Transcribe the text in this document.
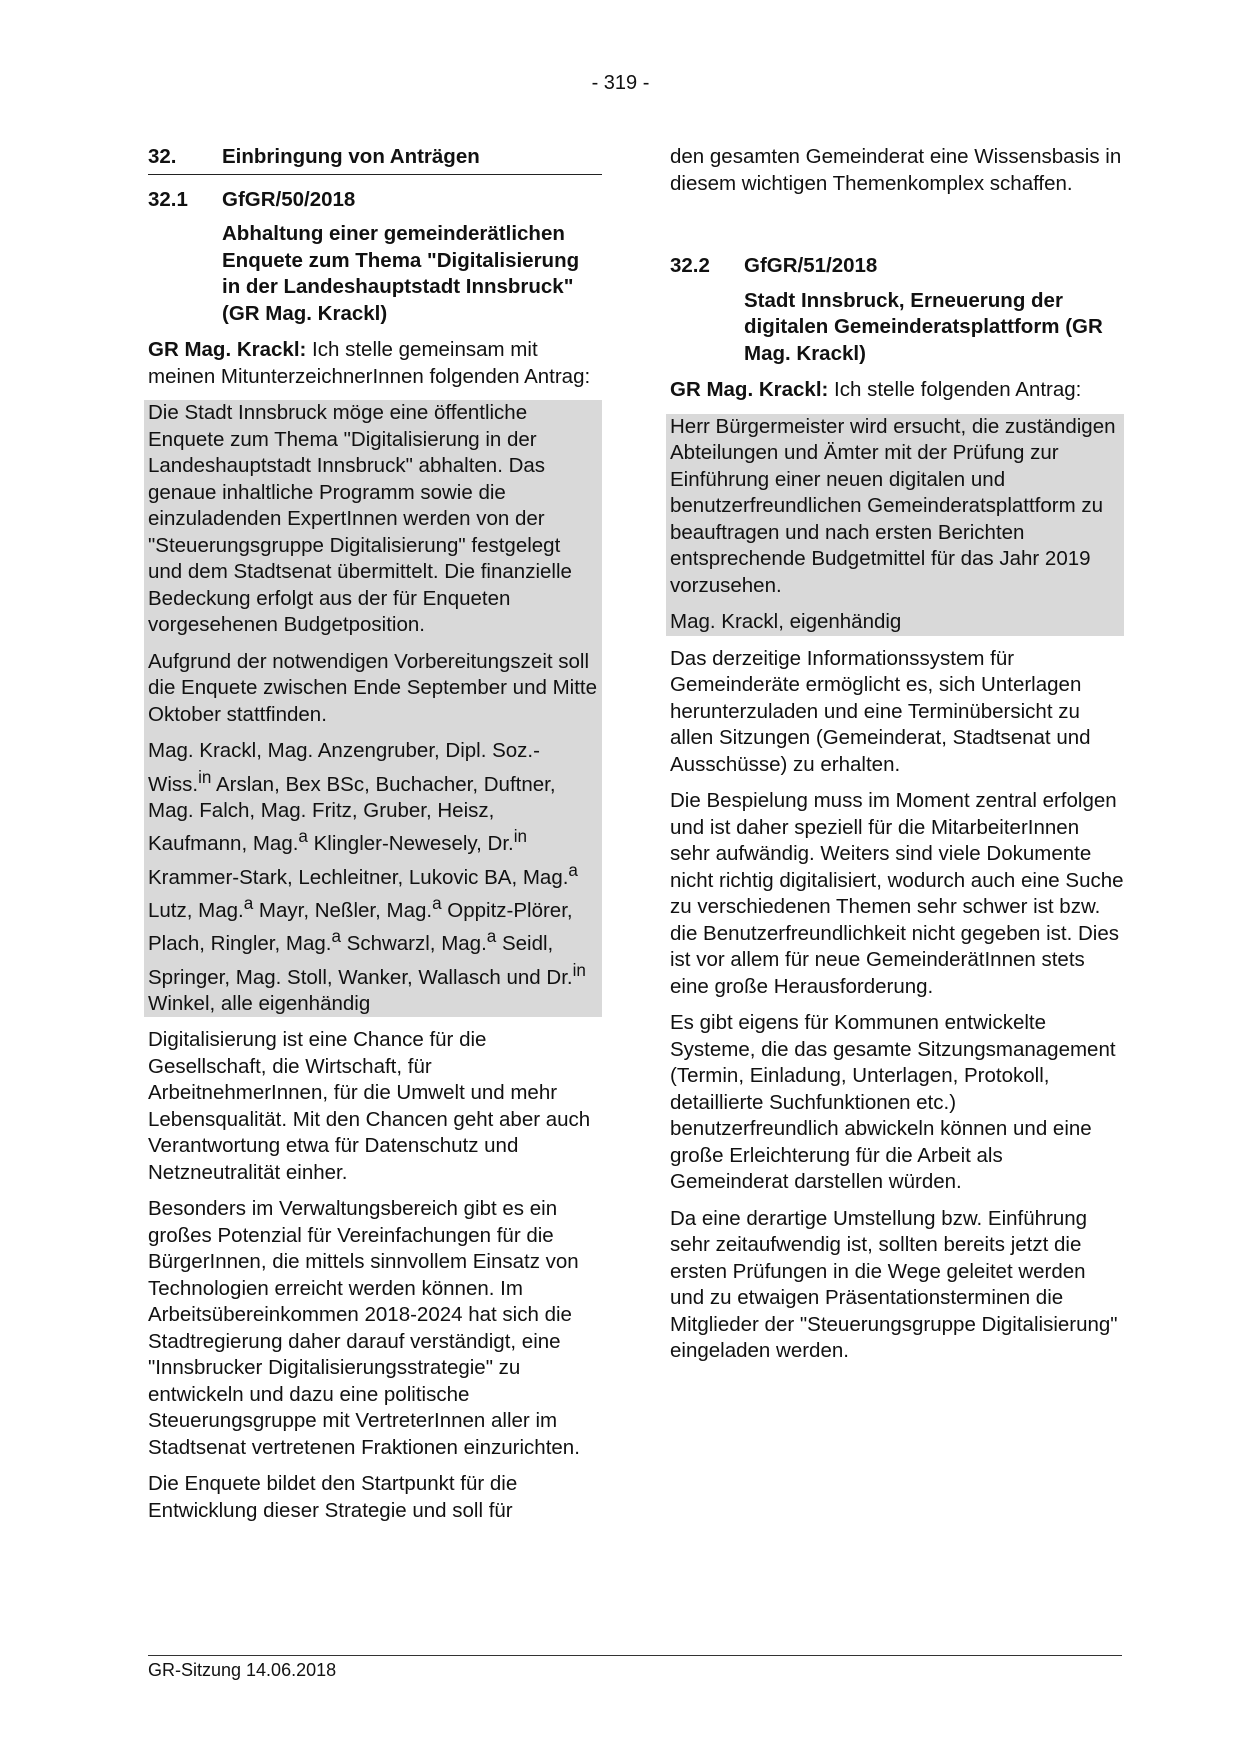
- 319 -
32.	Einbringung von Anträgen
32.1	GfGR/50/2018
Abhaltung einer gemeinderätlichen Enquete zum Thema "Digitalisierung in der Landeshauptstadt Innsbruck" (GR Mag. Krackl)

GR Mag. Krackl: Ich stelle gemeinsam mit meinen MitunterzeichnerInnen folgenden Antrag:

Die Stadt Innsbruck möge eine öffentliche Enquete zum Thema "Digitalisierung in der Landeshauptstadt Innsbruck" abhalten. Das genaue inhaltliche Programm sowie die einzuladenden ExpertInnen werden von der "Steuerungsgruppe Digitalisierung" festgelegt und dem Stadtsenat übermittelt. Die finanzielle Bedeckung erfolgt aus der für Enqueten vorgesehenen Budgetposition.

Aufgrund der notwendigen Vorbereitungszeit soll die Enquete zwischen Ende September und Mitte Oktober stattfinden.

Mag. Krackl, Mag. Anzengruber, Dipl. Soz.-Wiss.$^{in}$ Arslan, Bex BSc, Buchacher, Duftner, Mag. Falch, Mag. Fritz, Gruber, Heisz, Kaufmann, Mag.$^a$ Klingler-Newesely, Dr.$^{in}$ Krammer-Stark, Lechleitner, Lukovic BA, Mag.$^a$ Lutz, Mag.$^a$ Mayr, Neßler, Mag.$^a$ Oppitz-Plörer, Plach, Ringler, Mag.$^a$ Schwarzl, Mag.$^a$ Seidl, Springer, Mag. Stoll, Wanker, Wallasch und Dr.$^{in}$ Winkel, alle eigenhändig

Digitalisierung ist eine Chance für die Gesellschaft, die Wirtschaft, für ArbeitnehmerInnen, für die Umwelt und mehr Lebensqualität. Mit den Chancen geht aber auch Verantwortung etwa für Datenschutz und Netzneutralität einher.

Besonders im Verwaltungsbereich gibt es ein großes Potenzial für Vereinfachungen für die BürgerInnen, die mittels sinnvollem Einsatz von Technologien erreicht werden können. Im Arbeitsübereinkommen 2018-2024 hat sich die Stadtregierung daher darauf verständigt, eine "Innsbrucker Digitalisierungsstrategie" zu entwickeln und dazu eine politische Steuerungsgruppe mit VertreterInnen aller im Stadtsenat vertretenen Fraktionen einzurichten.

Die Enquete bildet den Startpunkt für die Entwicklung dieser Strategie und soll für

den gesamten Gemeinderat eine Wissensbasis in diesem wichtigen Themenkomplex schaffen.

32.2	GfGR/51/2018
Stadt Innsbruck, Erneuerung der digitalen Gemeinderatsplattform (GR Mag. Krackl)

GR Mag. Krackl: Ich stelle folgenden Antrag:

Herr Bürgermeister wird ersucht, die zuständigen Abteilungen und Ämter mit der Prüfung zur Einführung einer neuen digitalen und benutzerfreundlichen Gemeinderatsplattform zu beauftragen und nach ersten Berichten entsprechende Budgetmittel für das Jahr 2019 vorzusehen.

Mag. Krackl, eigenhändig

Das derzeitige Informationssystem für Gemeinderäte ermöglicht es, sich Unterlagen herunterzuladen und eine Terminübersicht zu allen Sitzungen (Gemeinderat, Stadtsenat und Ausschüsse) zu erhalten.

Die Bespielung muss im Moment zentral erfolgen und ist daher speziell für die MitarbeiterInnen sehr aufwändig. Weiters sind viele Dokumente nicht richtig digitalisiert, wodurch auch eine Suche zu verschiedenen Themen sehr schwer ist bzw. die Benutzerfreundlichkeit nicht gegeben ist. Dies ist vor allem für neue GemeinderätInnen stets eine große Herausforderung.

Es gibt eigens für Kommunen entwickelte Systeme, die das gesamte Sitzungsmanagement (Termin, Einladung, Unterlagen, Protokoll, detaillierte Suchfunktionen etc.) benutzerfreundlich abwickeln können und eine große Erleichterung für die Arbeit als Gemeinderat darstellen würden.

Da eine derartige Umstellung bzw. Einführung sehr zeitaufwendig ist, sollten bereits jetzt die ersten Prüfungen in die Wege geleitet werden und zu etwaigen Präsentationsterminen die Mitglieder der "Steuerungsgruppe Digitalisierung" eingeladen werden.

GR-Sitzung 14.06.2018
